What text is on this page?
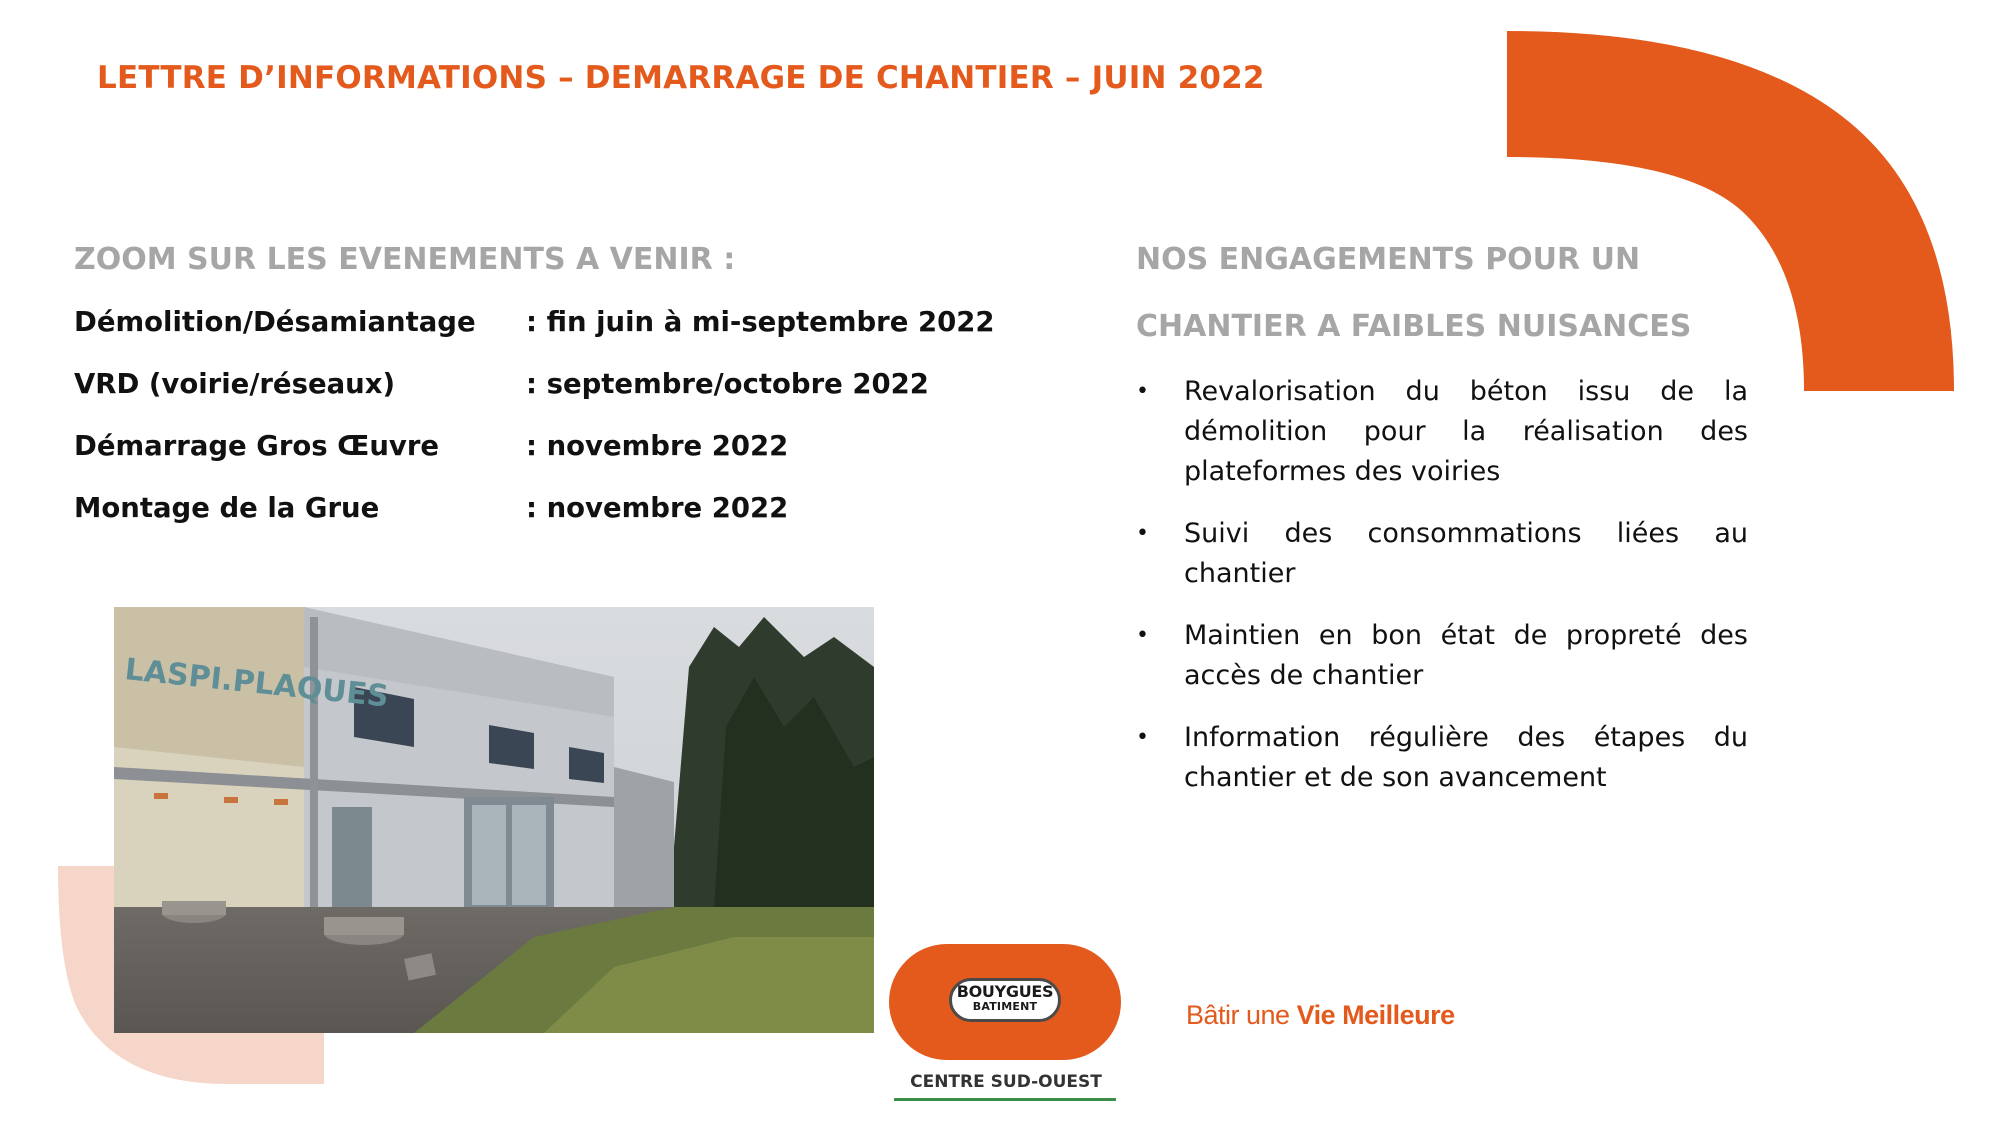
LETTRE D’INFORMATIONS – DEMARRAGE DE CHANTIER – JUIN 2022
ZOOM SUR LES EVENEMENTS A VENIR :
Démolition/Désamiantage : fin juin à mi-septembre 2022
VRD (voirie/réseaux)	: septembre/octobre 2022
Démarrage Gros Œuvre	: novembre 2022
Montage de la Grue	: novembre 2022
LASPI.PLAQUES
NOS ENGAGEMENTS POUR UN
CHANTIER A FAIBLES NUISANCES
• Revalorisation du béton issu de la démolition pour la réalisation des plateformes des voiries
• Suivi des consommations liées au chantier
• Maintien en bon état de propreté des accès de chantier
• Information régulière des étapes du chantier et de son avancement
BOUYGUES
BATIMENT
CENTRE SUD-OUEST
Bâtir une Vie Meilleure
